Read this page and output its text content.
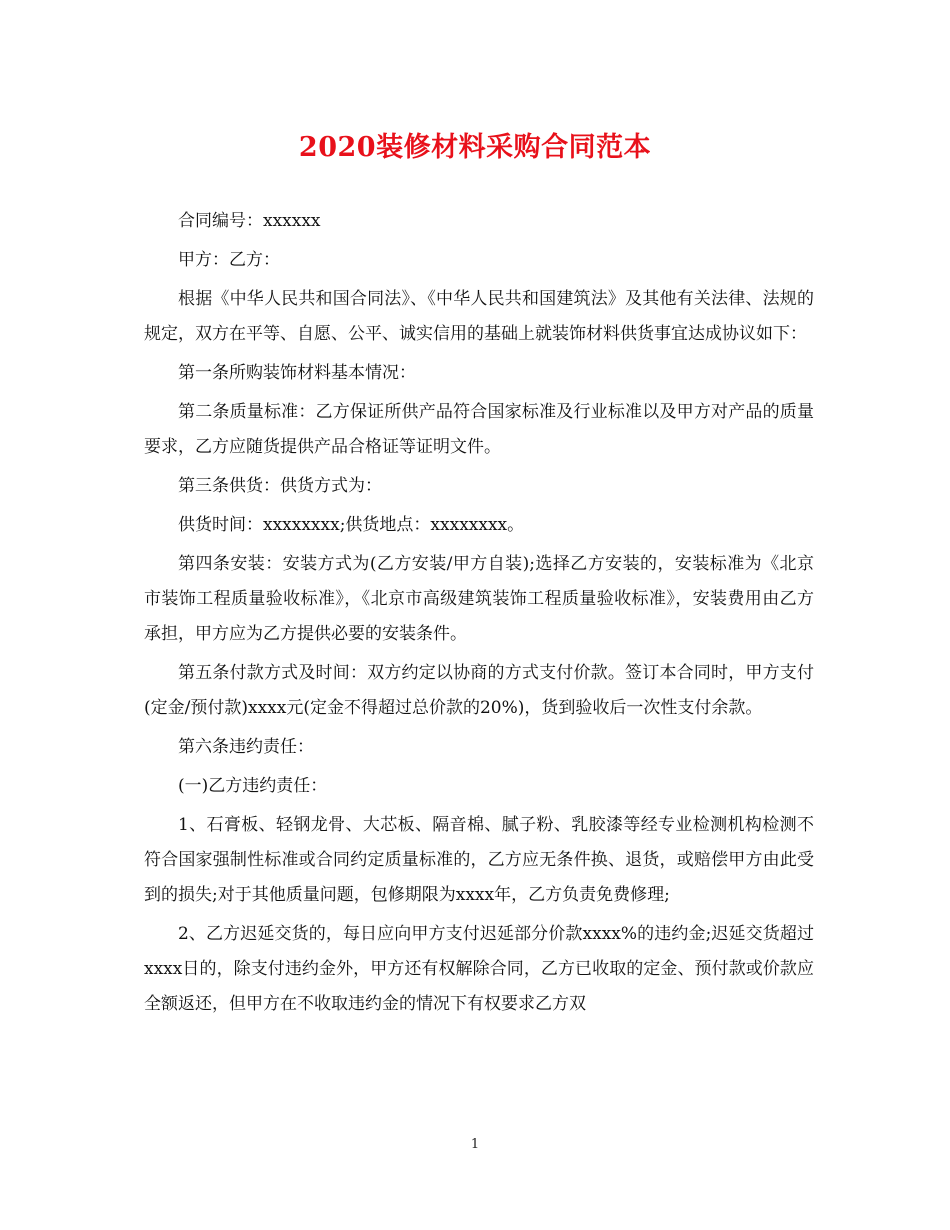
2020装修材料采购合同范本

合同编号：xxxxxx

甲方：乙方：

根据《中华人民共和国合同法》、《中华人民共和国建筑法》及其他有关法律、法规的规定，双方在平等、自愿、公平、诚实信用的基础上就装饰材料供货事宜达成协议如下：

第一条所购装饰材料基本情况：

第二条质量标准：乙方保证所供产品符合国家标准及行业标准以及甲方对产品的质量要求，乙方应随货提供产品合格证等证明文件。

第三条供货：供货方式为：

供货时间：xxxxxxxx;供货地点：xxxxxxxx。

第四条安装：安装方式为(乙方安装/甲方自装);选择乙方安装的，安装标准为《北京市装饰工程质量验收标准》，《北京市高级建筑装饰工程质量验收标准》，安装费用由乙方承担，甲方应为乙方提供必要的安装条件。

第五条付款方式及时间：双方约定以协商的方式支付价款。签订本合同时，甲方支付(定金/预付款)xxxx元(定金不得超过总价款的20%)，货到验收后一次性支付余款。

第六条违约责任：

(一)乙方违约责任：

1、石膏板、轻钢龙骨、大芯板、隔音棉、腻子粉、乳胶漆等经专业检测机构检测不符合国家强制性标准或合同约定质量标准的，乙方应无条件换、退货，或赔偿甲方由此受到的损失;对于其他质量问题，包修期限为xxxx年，乙方负责免费修理;

2、乙方迟延交货的，每日应向甲方支付迟延部分价款xxxx%的违约金;迟延交货超过xxxx日的，除支付违约金外，甲方还有权解除合同，乙方已收取的定金、预付款或价款应全额返还，但甲方在不收取违约金的情况下有权要求乙方双

1
